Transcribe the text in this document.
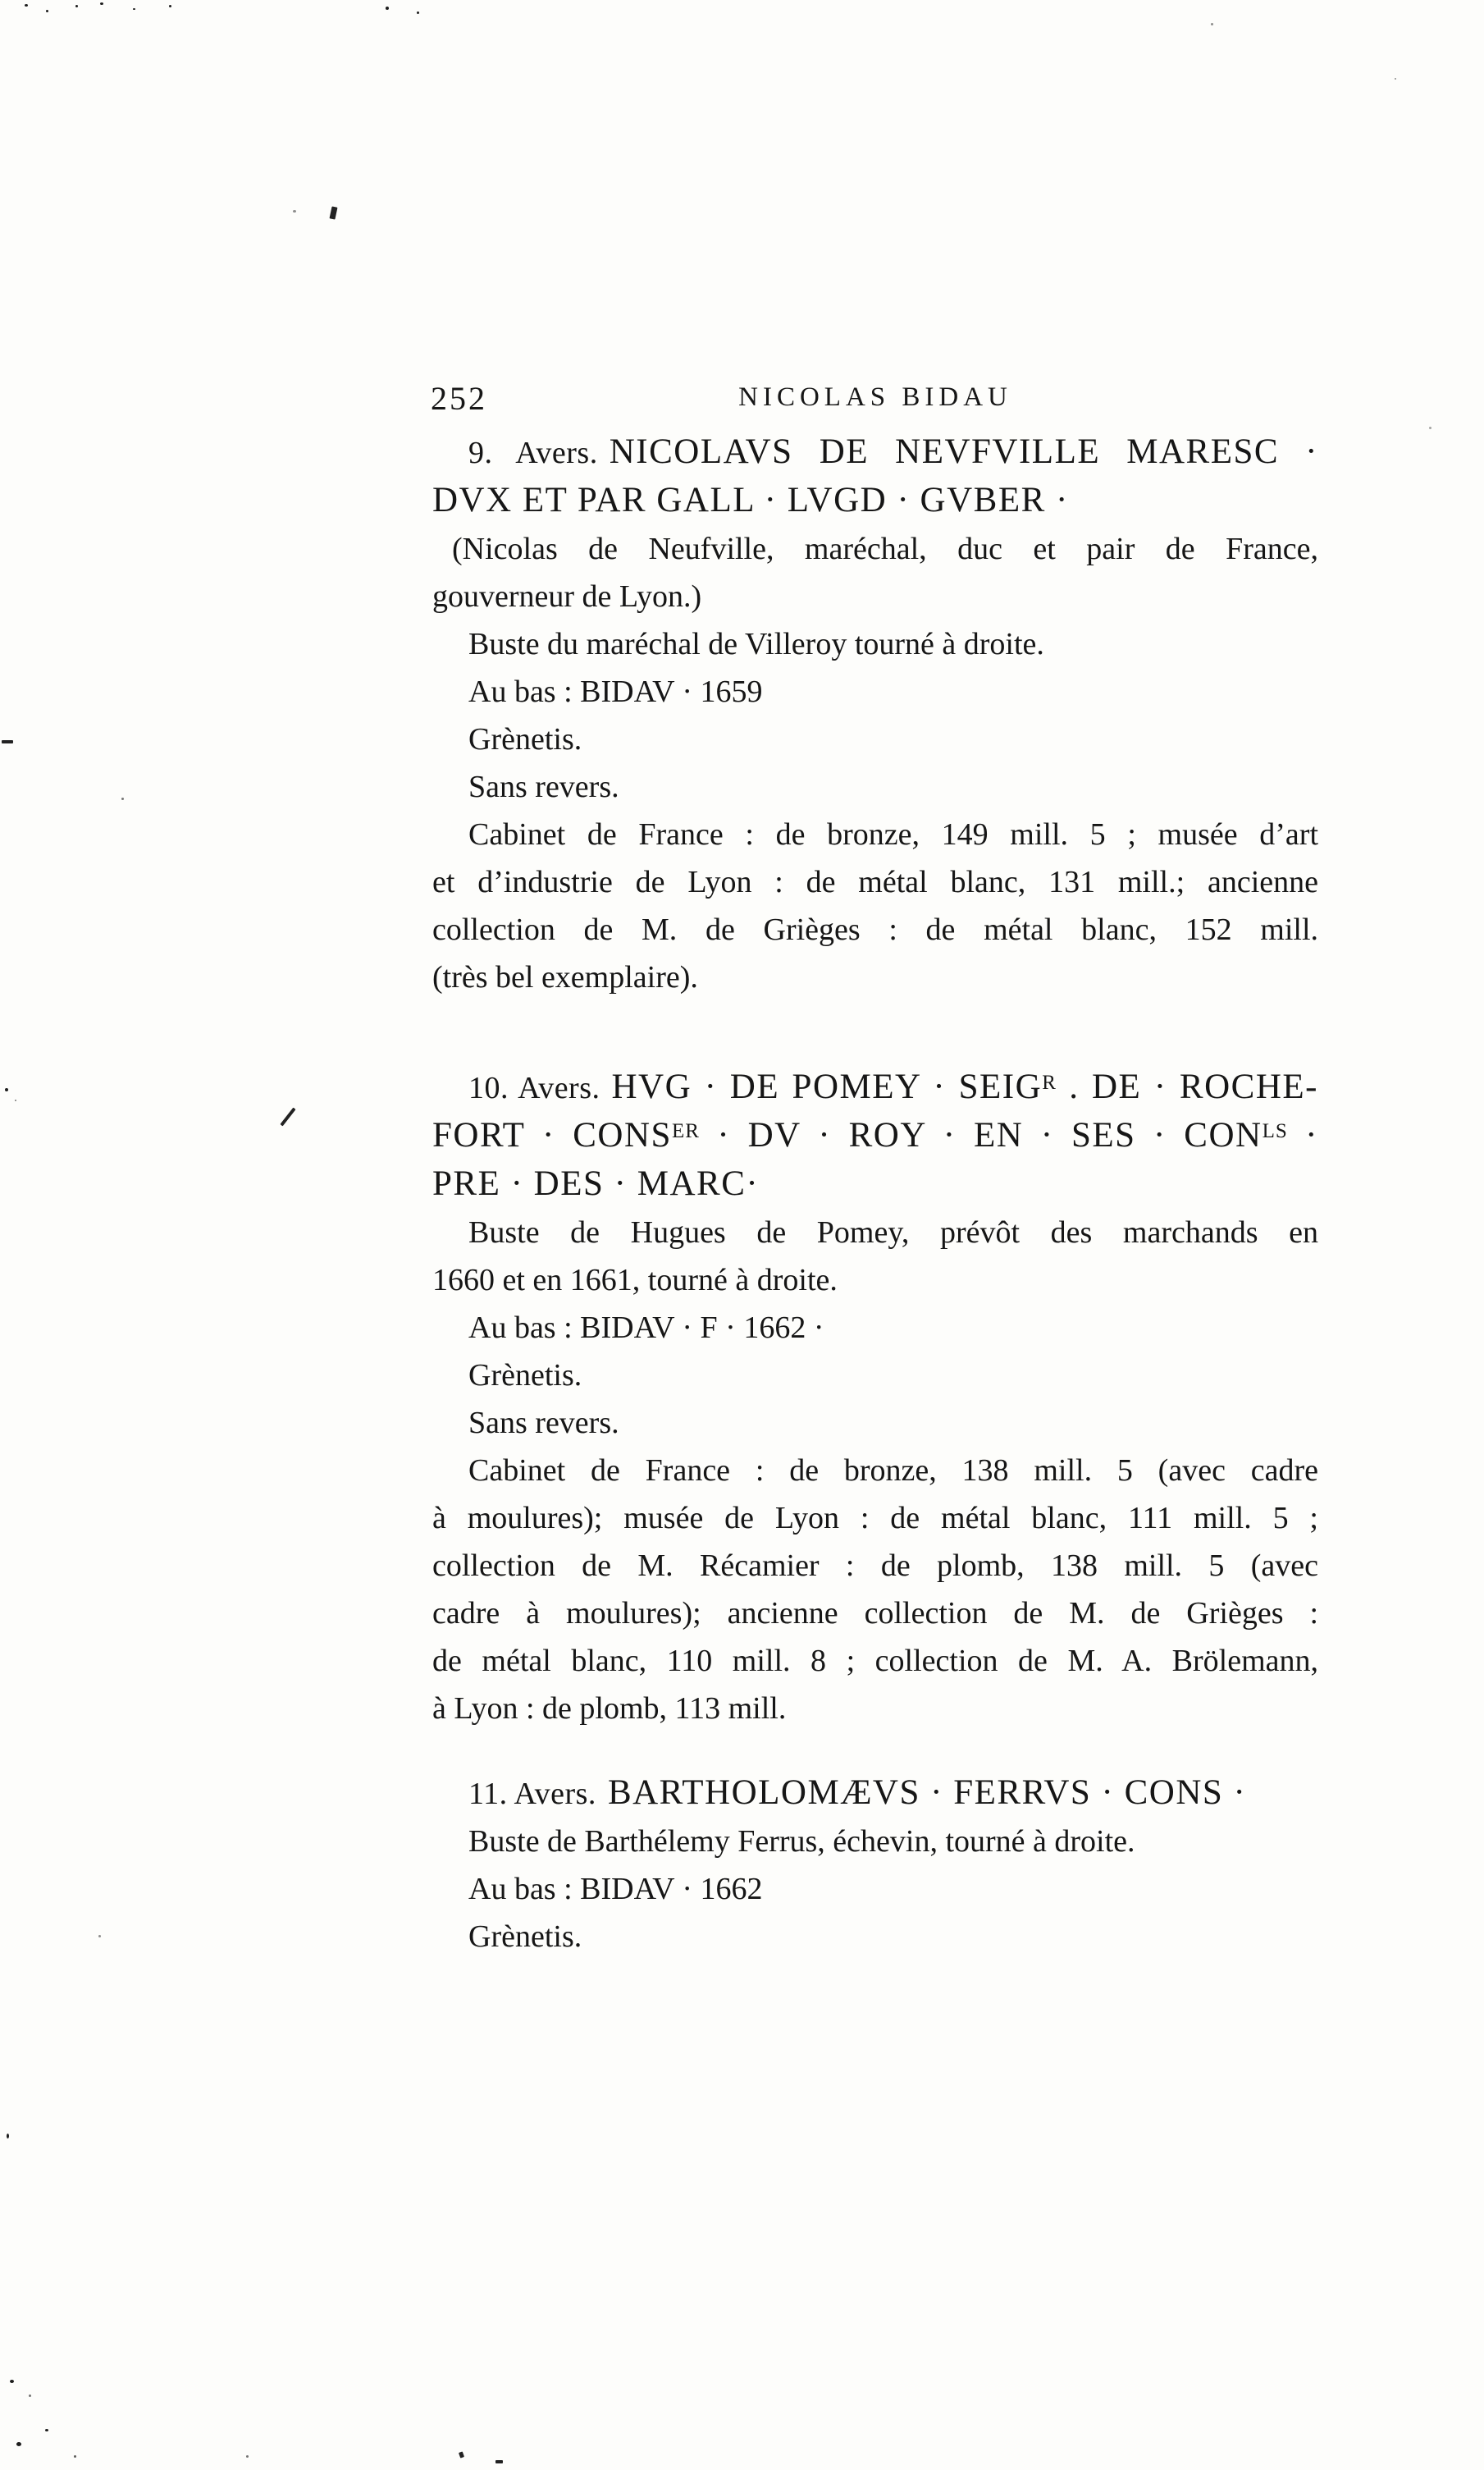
252	NICOLAS BIDAU
9. Avers. NICOLAVS DE NEVFVILLE MARESC ·
DVX ET PAR GALL · LVGD · GVBER ·
(Nicolas de Neufville, maréchal, duc et pair de France,
gouverneur de Lyon.)
Buste du maréchal de Villeroy tourné à droite.
Au bas : BIDAV · 1659
Grènetis.
Sans revers.
Cabinet de France : de bronze, 149 mill. 5 ; musée d’art
et d’industrie de Lyon : de métal blanc, 131 mill.; ancienne
collection de M. de Grièges : de métal blanc, 152 mill.
(très bel exemplaire).
10. Avers. HVG · DE POMEY · $SEIG^R$ . DE · ROCHE-
FORT · $CONS^{ER}$ · DV · ROY · EN · SES · $CON^{LS}$ ·
PRE · DES · MARC·
Buste de Hugues de Pomey, prévôt des marchands en
1660 et en 1661, tourné à droite.
Au bas : BIDAV · F · 1662 ·
Grènetis.
Sans revers.
Cabinet de France : de bronze, 138 mill. 5 (avec cadre
à moulures); musée de Lyon : de métal blanc, 111 mill. 5 ;
collection de M. Récamier : de plomb, 138 mill. 5 (avec
cadre à moulures); ancienne collection de M. de Grièges :
de métal blanc, 110 mill. 8 ; collection de M. A. Brölemann,
à Lyon : de plomb, 113 mill.
11. Avers. BARTHOLOMÆVS · FERRVS · CONS ·
Buste de Barthélemy Ferrus, échevin, tourné à droite.
Au bas : BIDAV · 1662
Grènetis.
